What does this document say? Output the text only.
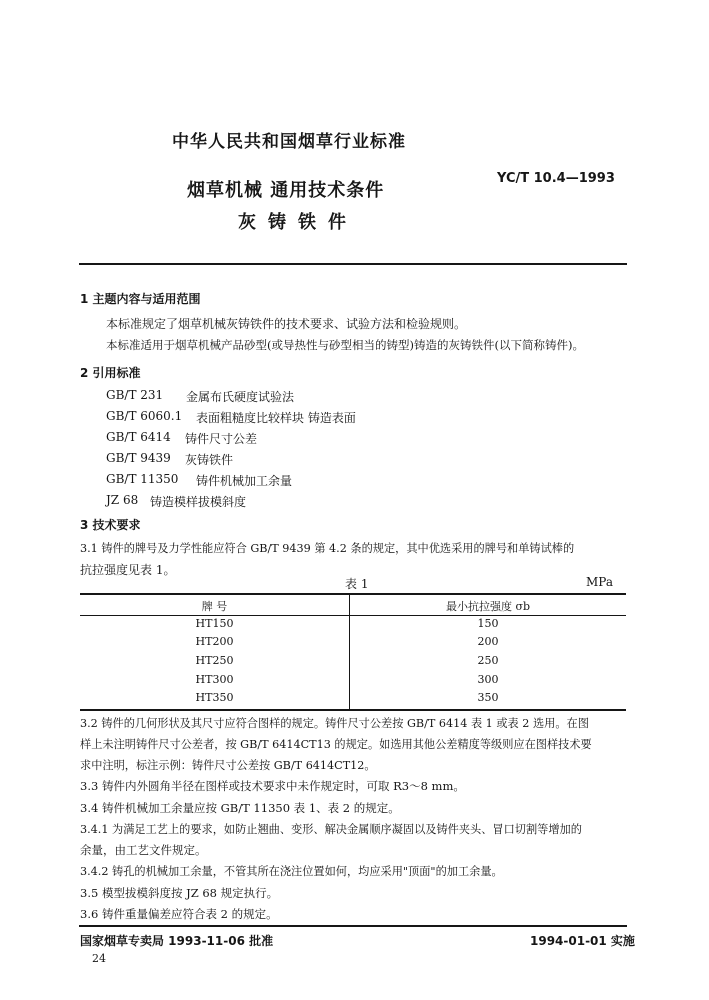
中华人民共和国烟草行业标准
烟草机械 通用技术条件
YC/T 10.4—1993
灰铸铁件
1 主题内容与适用范围
本标准规定了烟草机械灰铸铁件的技术要求、试验方法和检验规则。
本标准适用于烟草机械产品砂型(或导热性与砂型相当的铸型)铸造的灰铸铁件(以下简称铸件)。
2 引用标准
GB/T 231 金属布氏硬度试验法
GB/T 6060.1 表面粗糙度比较样块 铸造表面
GB/T 6414 铸件尺寸公差
GB/T 9439 灰铸铁件
GB/T 11350 铸件机械加工余量
JZ 68 铸造模样拔模斜度
3 技术要求
3.1 铸件的牌号及力学性能应符合 GB/T 9439 第 4.2 条的规定，其中优选采用的牌号和单铸试棒的
抗拉强度见表 1。
表 1	MPa
牌 号	最小抗拉强度 σb
HT150	150
HT200	200
HT250	250
HT300	300
HT350	350
3.2 铸件的几何形状及其尺寸应符合图样的规定。铸件尺寸公差按 GB/T 6414 表 1 或表 2 选用。在图
样上未注明铸件尺寸公差者，按 GB/T 6414CT13 的规定。如选用其他公差精度等级则应在图样技术要
求中注明，标注示例：铸件尺寸公差按 GB/T 6414CT12。
3.3 铸件内外圆角半径在图样或技术要求中未作规定时，可取 R3～8 mm。
3.4 铸件机械加工余量应按 GB/T 11350 表 1、表 2 的规定。
3.4.1 为满足工艺上的要求，如防止翘曲、变形、解决金属顺序凝固以及铸件夹头、冒口切割等增加的
余量，由工艺文件规定。
3.4.2 铸孔的机械加工余量，不管其所在浇注位置如何，均应采用"顶面"的加工余量。
3.5 模型拔模斜度按 JZ 68 规定执行。
3.6 铸件重量偏差应符合表 2 的规定。
国家烟草专卖局 1993-11-06 批准	1994-01-01 实施
24
